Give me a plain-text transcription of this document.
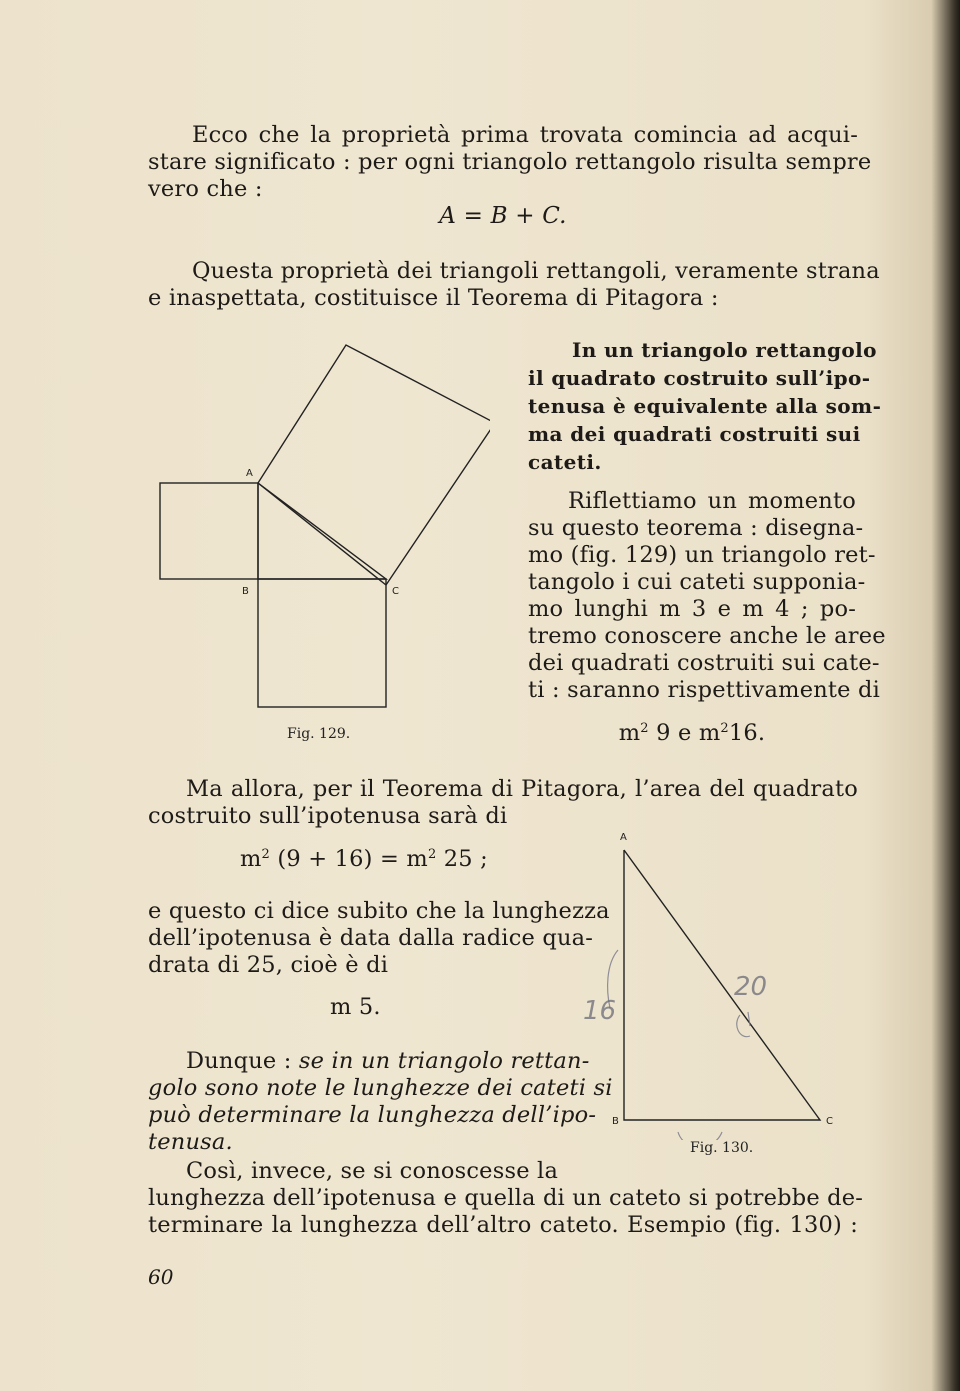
Ecco che la proprietà prima trovata comincia ad acqui-
stare significato : per ogni triangolo rettangolo risulta sempre
vero che :
A = B + C.
Questa proprietà dei triangoli rettangoli, veramente strana
e inaspettata, costituisce il Teorema di Pitagora :
In un triangolo rettangolo
il quadrato costruito sull’ipo-
tenusa è equivalente alla som-
ma dei quadrati costruiti sui
cateti.
A
B	C
Fig. 129.
Riflettiamo un momento
su questo teorema : disegna-
mo (fig. 129) un triangolo ret-
tangolo i cui cateti supponia-
mo lunghi m 3 e m 4 ; po-
tremo conoscere anche le aree
dei quadrati costruiti sui cate-
ti : saranno rispettivamente di
$m^2$ 9 e $m^216$.
Ma allora, per il Teorema di Pitagora, l’area del quadrato
costruito sull’ipotenusa sarà di
$m^2$ $(9 + 16) = m^2$ 25 ;
e questo ci dice subito che la lunghezza
dell’ipotenusa è data dalla radice qua-
drata di 25, cioè è di
m 5.
Dunque : se in un triangolo rettan-
golo sono note le lunghezze dei cateti si
può determinare la lunghezza dell’ipo-
tenusa.
Così, invece, se si conoscesse la
lunghezza dell’ipotenusa e quella di un cateto si potrebbe de-
terminare la lunghezza dell’altro cateto. Esempio (fig. 130) :
A
B	C
Fig. 130.
16
20
60
